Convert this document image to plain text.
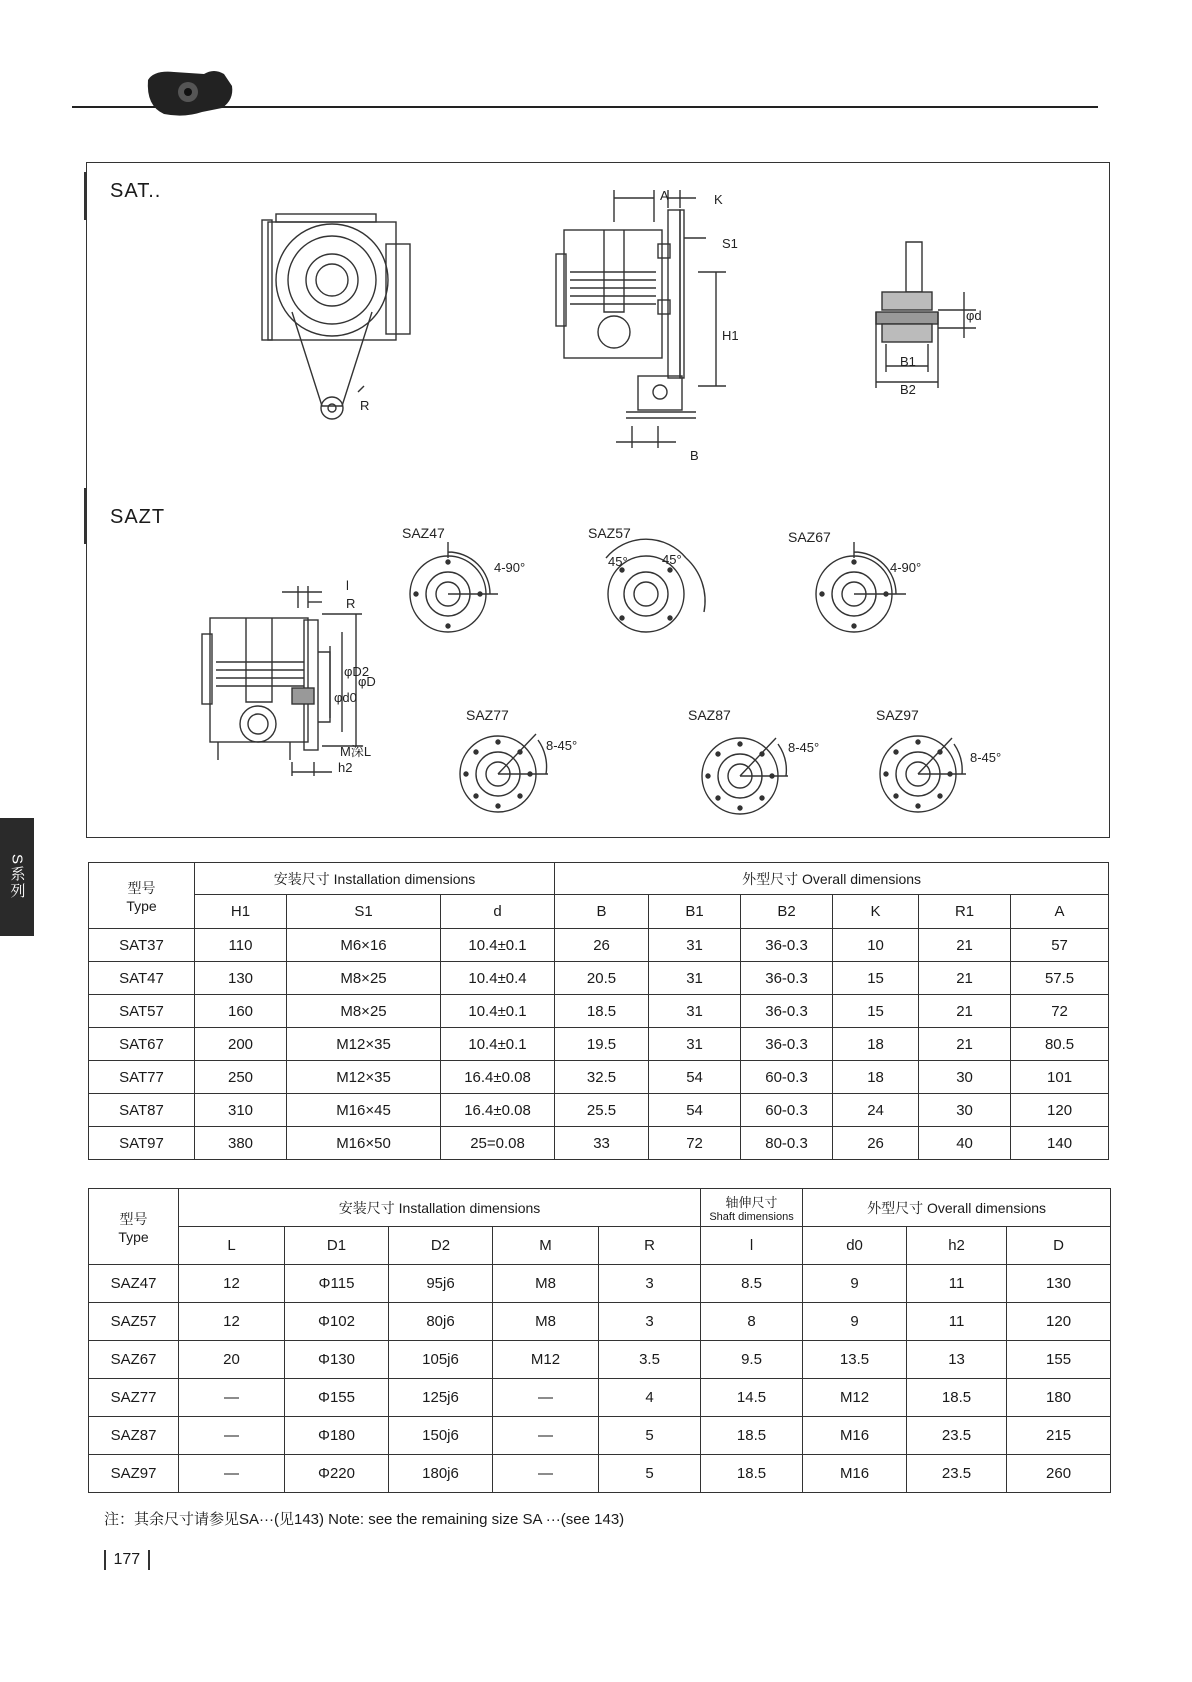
S系列
SAT..
SAZT
A	K
S1
H1
B
R
φd
B1
B2
l
R
φd0
φD2
φD
M深L
h2
SAZ47
4-90°
SAZ57
45°	45°
SAZ67
4-90°
SAZ77
8-45°
SAZ87
8-45°
SAZ97
8-45°
型号
Type	安装尺寸 Installation dimensions			外型尺寸 Overall dimensions					
	H1	S1	d	B	B1	B2	K	R1	A
SAT37	110	M6×16	10.4±0.1	26	31	36-0.3	10	21	57
SAT47	130	M8×25	10.4±0.4	20.5	31	36-0.3	15	21	57.5
SAT57	160	M8×25	10.4±0.1	18.5	31	36-0.3	15	21	72
SAT67	200	M12×35	10.4±0.1	19.5	31	36-0.3	18	21	80.5
SAT77	250	M12×35	16.4±0.08	32.5	54	60-0.3	18	30	101
SAT87	310	M16×45	16.4±0.08	25.5	54	60-0.3	24	30	120
SAT97	380	M16×50	25=0.08	33	72	80-0.3	26	40	140
型号
Type	安装尺寸 Installation dimensions					轴伸尺寸
Shaft dimensions	外型尺寸 Overall dimensions		
	L	D1	D2	M	R	l	d0	h2	D
SAZ47	12	Φ115	95j6	M8	3	8.5	9	11	130
SAZ57	12	Φ102	80j6	M8	3	8	9	11	120
SAZ67	20	Φ130	105j6	M12	3.5	9.5	13.5	13	155
SAZ77	—	Φ155	125j6	—	4	14.5	M12	18.5	180
SAZ87	—	Φ180	150j6	—	5	18.5	M16	23.5	215
SAZ97	—	Φ220	180j6	—	5	18.5	M16	23.5	260
注：其余尺寸请参见SA···(见143) Note: see the remaining size SA ···(see 143)
177
